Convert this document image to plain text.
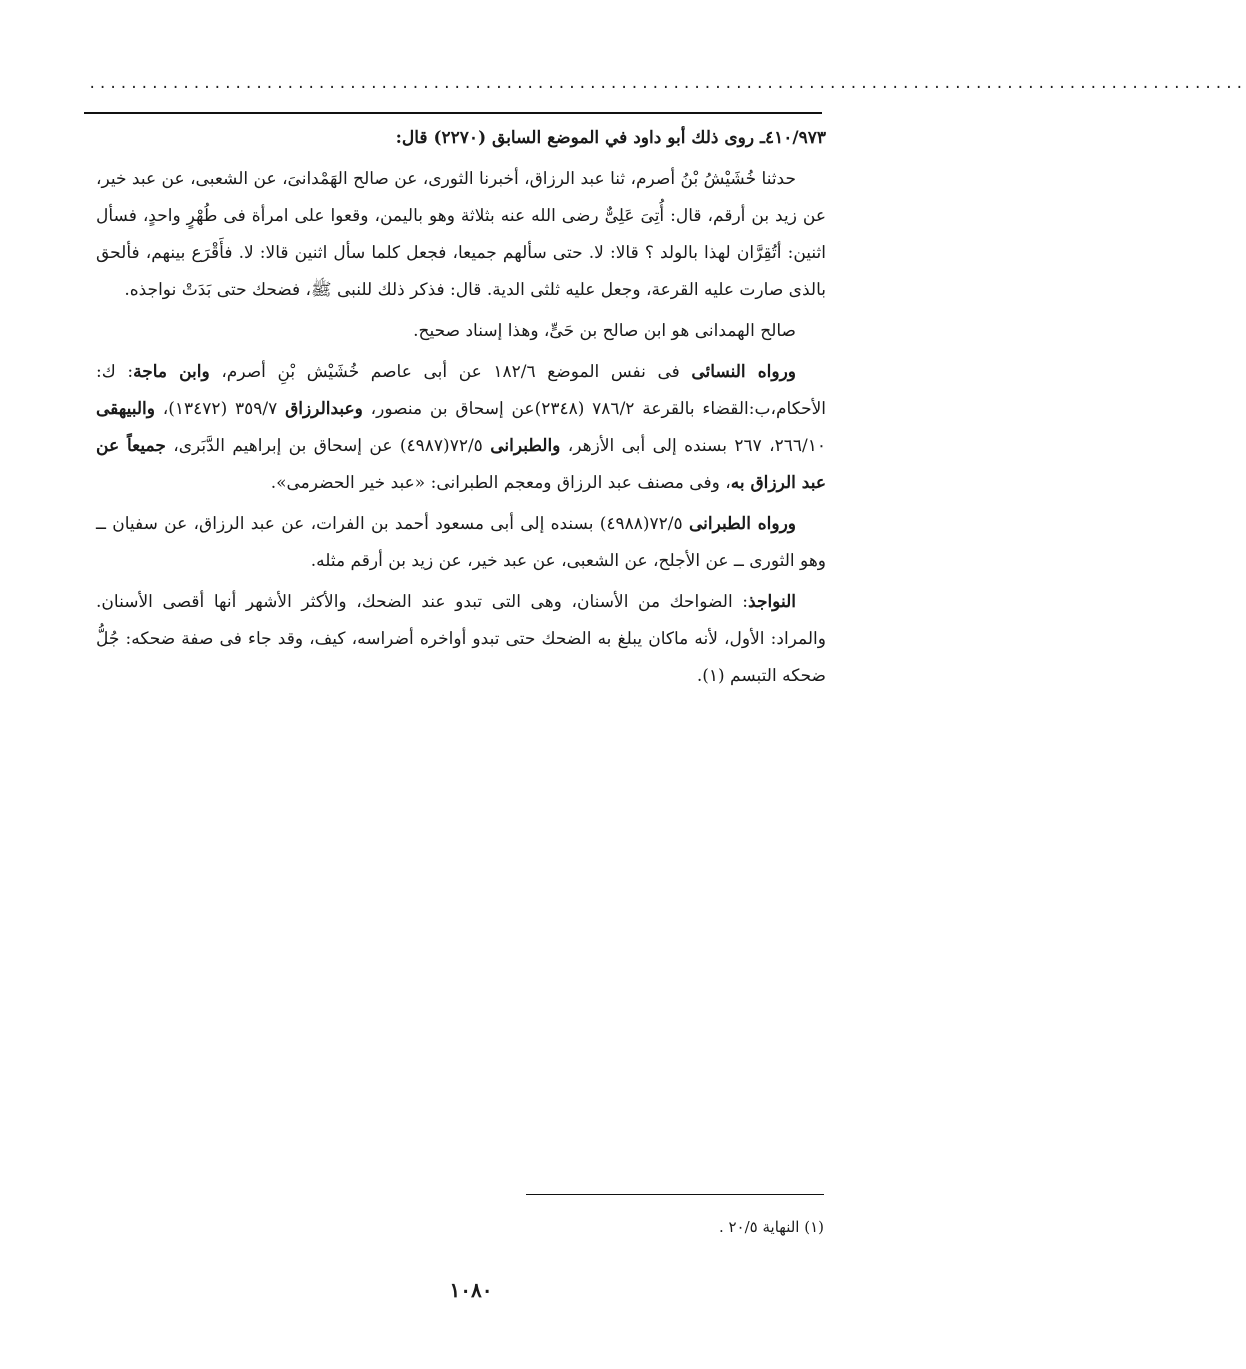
...............................................................................................................

٤١٠/٩٧٣ـ روى ذلك أبو داود في الموضع السابق (٢٢٧٠) قال:

حدثنا خُشَيْشُ بْنُ أصرم، ثنا عبد الرزاق، أخبرنا الثورى، عن صالح الهَمْدانىَ، عن الشعبى، عن عبد خير، عن زيد بن أرقم، قال: أُتِىَ عَلِىٌّ رضى الله عنه بثلاثة وهو باليمن، وقعوا على امرأة فى طُهْرٍ واحدٍ، فسأل اثنين: أتُقِرَّان لهذا بالولد ؟ قالا: لا. حتى سألهم جميعا، فجعل كلما سأل اثنين قالا: لا. فأَقْرَع بينهم، فألحق بالذى صارت عليه القرعة، وجعل عليه ثلثى الدية. قال: فذكر ذلك للنبى ﷺ، فضحك حتى بَدَتْ نواجذه.

صالح الهمدانى هو ابن صالح بن حَىٍّ، وهذا إسناد صحيح.

ورواه النسائى فى نفس الموضع ١٨٢/٦ عن أبى عاصم خُشَيْش بْنِ أصرم، وابن ماجة: ك: الأحكام،ب:القضاء بالقرعة ٧٨٦/٢ (٢٣٤٨)عن إسحاق بن منصور، وعبدالرزاق ٣٥٩/٧ (١٣٤٧٢)، والبيهقى ٢٦٦/١٠، ٢٦٧ بسنده إلى أبى الأزهر، والطبرانى ٧٢/٥(٤٩٨٧) عن إسحاق بن إبراهيم الدَّبَرى، جميعاً عن عبد الرزاق به، وفى مصنف عبد الرزاق ومعجم الطبرانى: «عبد خير الحضرمى».

ورواه الطبرانى ٧٢/٥(٤٩٨٨) بسنده إلى أبى مسعود أحمد بن الفرات، عن عبد الرزاق، عن سفيان ــ وهو الثورى ــ عن الأجلح، عن الشعبى، عن عبد خير، عن زيد بن أرقم مثله.

النواجذ: الضواحك من الأسنان، وهى التى تبدو عند الضحك، والأكثر الأشهر أنها أقصى الأسنان. والمراد: الأول، لأنه ماكان يبلغ به الضحك حتى تبدو أواخره أضراسه، كيف، وقد جاء فى صفة ضحكه: جُلُّ ضحكه التبسم (١).

(١) النهاية ٢٠/٥ .
١٠٨٠
